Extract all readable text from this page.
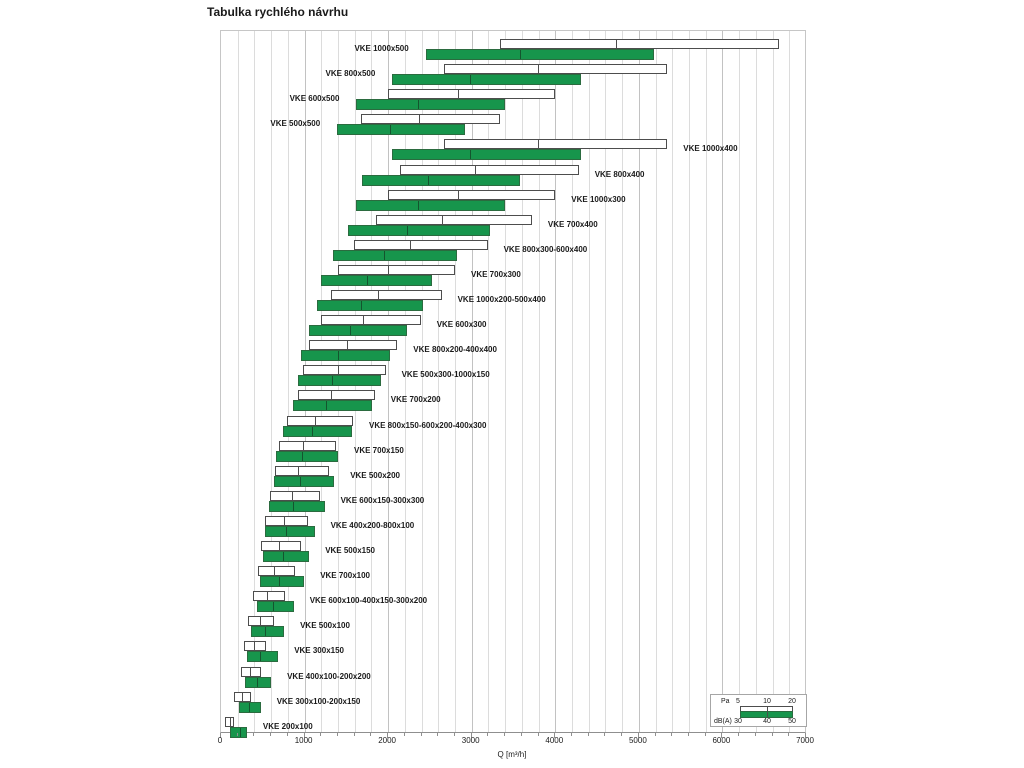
Tabulka rychlého návrhu
VKE 1000x500
VKE 800x500
VKE 600x500
VKE 500x500
VKE 1000x400
VKE 800x400
VKE 1000x300
VKE 700x400
VKE 800x300-600x400
VKE 700x300
VKE 1000x200-500x400
VKE 600x300
VKE 800x200-400x400
VKE 500x300-1000x150
VKE 700x200
VKE 800x150-600x200-400x300
VKE 700x150
VKE 500x200
VKE 600x150-300x300
VKE 400x200-800x100
VKE 500x150
VKE 700x100
VKE 600x100-400x150-300x200
VKE 500x100
VKE 300x150
VKE 400x100-200x200
VKE 300x100-200x150
VKE 200x100
0	1000	2000	3000	4000	5000	6000	7000
Q [m³/h]
Pa 5	10	20
dB(A) 30	40	50
